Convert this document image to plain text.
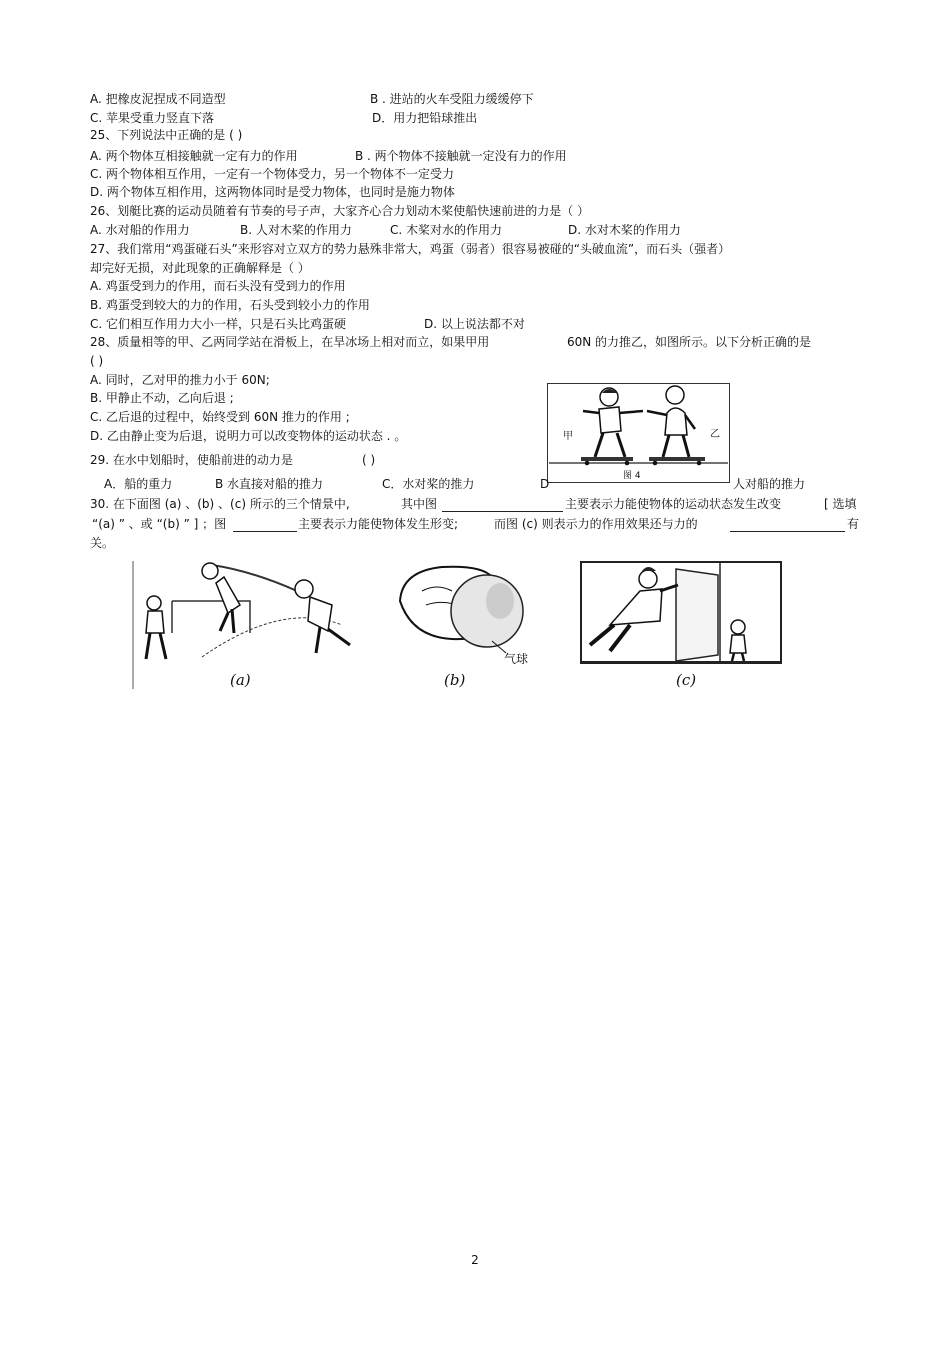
A. 把橡皮泥捏成不同造型	B . 进站的火车受阻力缓缓停下
C. 苹果受重力竖直下落	D．用力把铅球推出
25、下列说法中正确的是 ( )
A. 两个物体互相接触就一定有力的作用	B . 两个物体不接触就一定没有力的作用
C. 两个物体相互作用，一定有一个物体受力，另一个物体不一定受力
D. 两个物体互相作用，这两物体同时是受力物体，也同时是施力物体
26、划艇比赛的运动员随着有节奏的号子声，大家齐心合力划动木桨使船快速前进的力是（ ）
A. 水对船的作用力	B. 人对木桨的作用力	C. 木桨对水的作用力	D. 水对木桨的作用力
27、我们常用“鸡蛋碰石头”来形容对立双方的势力悬殊非常大，鸡蛋（弱者）很容易被碰的“头破血流”，而石头（强者）
却完好无损，对此现象的正确解释是（ ）
A. 鸡蛋受到力的作用，而石头没有受到力的作用
B. 鸡蛋受到较大的力的作用，石头受到较小力的作用
C. 它们相互作用力大小一样，只是石头比鸡蛋硬	D. 以上说法都不对
28、质量相等的甲、乙两同学站在滑板上，在旱冰场上相对而立，如果甲用	60N 的力推乙，如图所示。以下分析正确的是
( )
A. 同时，乙对甲的推力小于 60N;
B. 甲静止不动，乙向后退 ;
C. 乙后退的过程中，始终受到 60N 推力的作用 ;
D. 乙由静止变为后退，说明力可以改变物体的运动状态 . 。	甲	乙
图 4
29. 在水中划船时，使船前进的动力是	( )
A．船的重力	B 水直接对船的推力	C．水对桨的推力	D	人对船的推力
30. 在下面图 (a) 、(b) 、(c) 所示的三个情景中,	其中图	主要表示力能使物体的运动状态发生改变	[ 选填
“(a) ” 、或 “(b) ” ] ；图	主要表示力能使物体发生形变;	而图 (c) 则表示力的作用效果还与力的	有
关。
(a)
气球
(b)	(c)
2
